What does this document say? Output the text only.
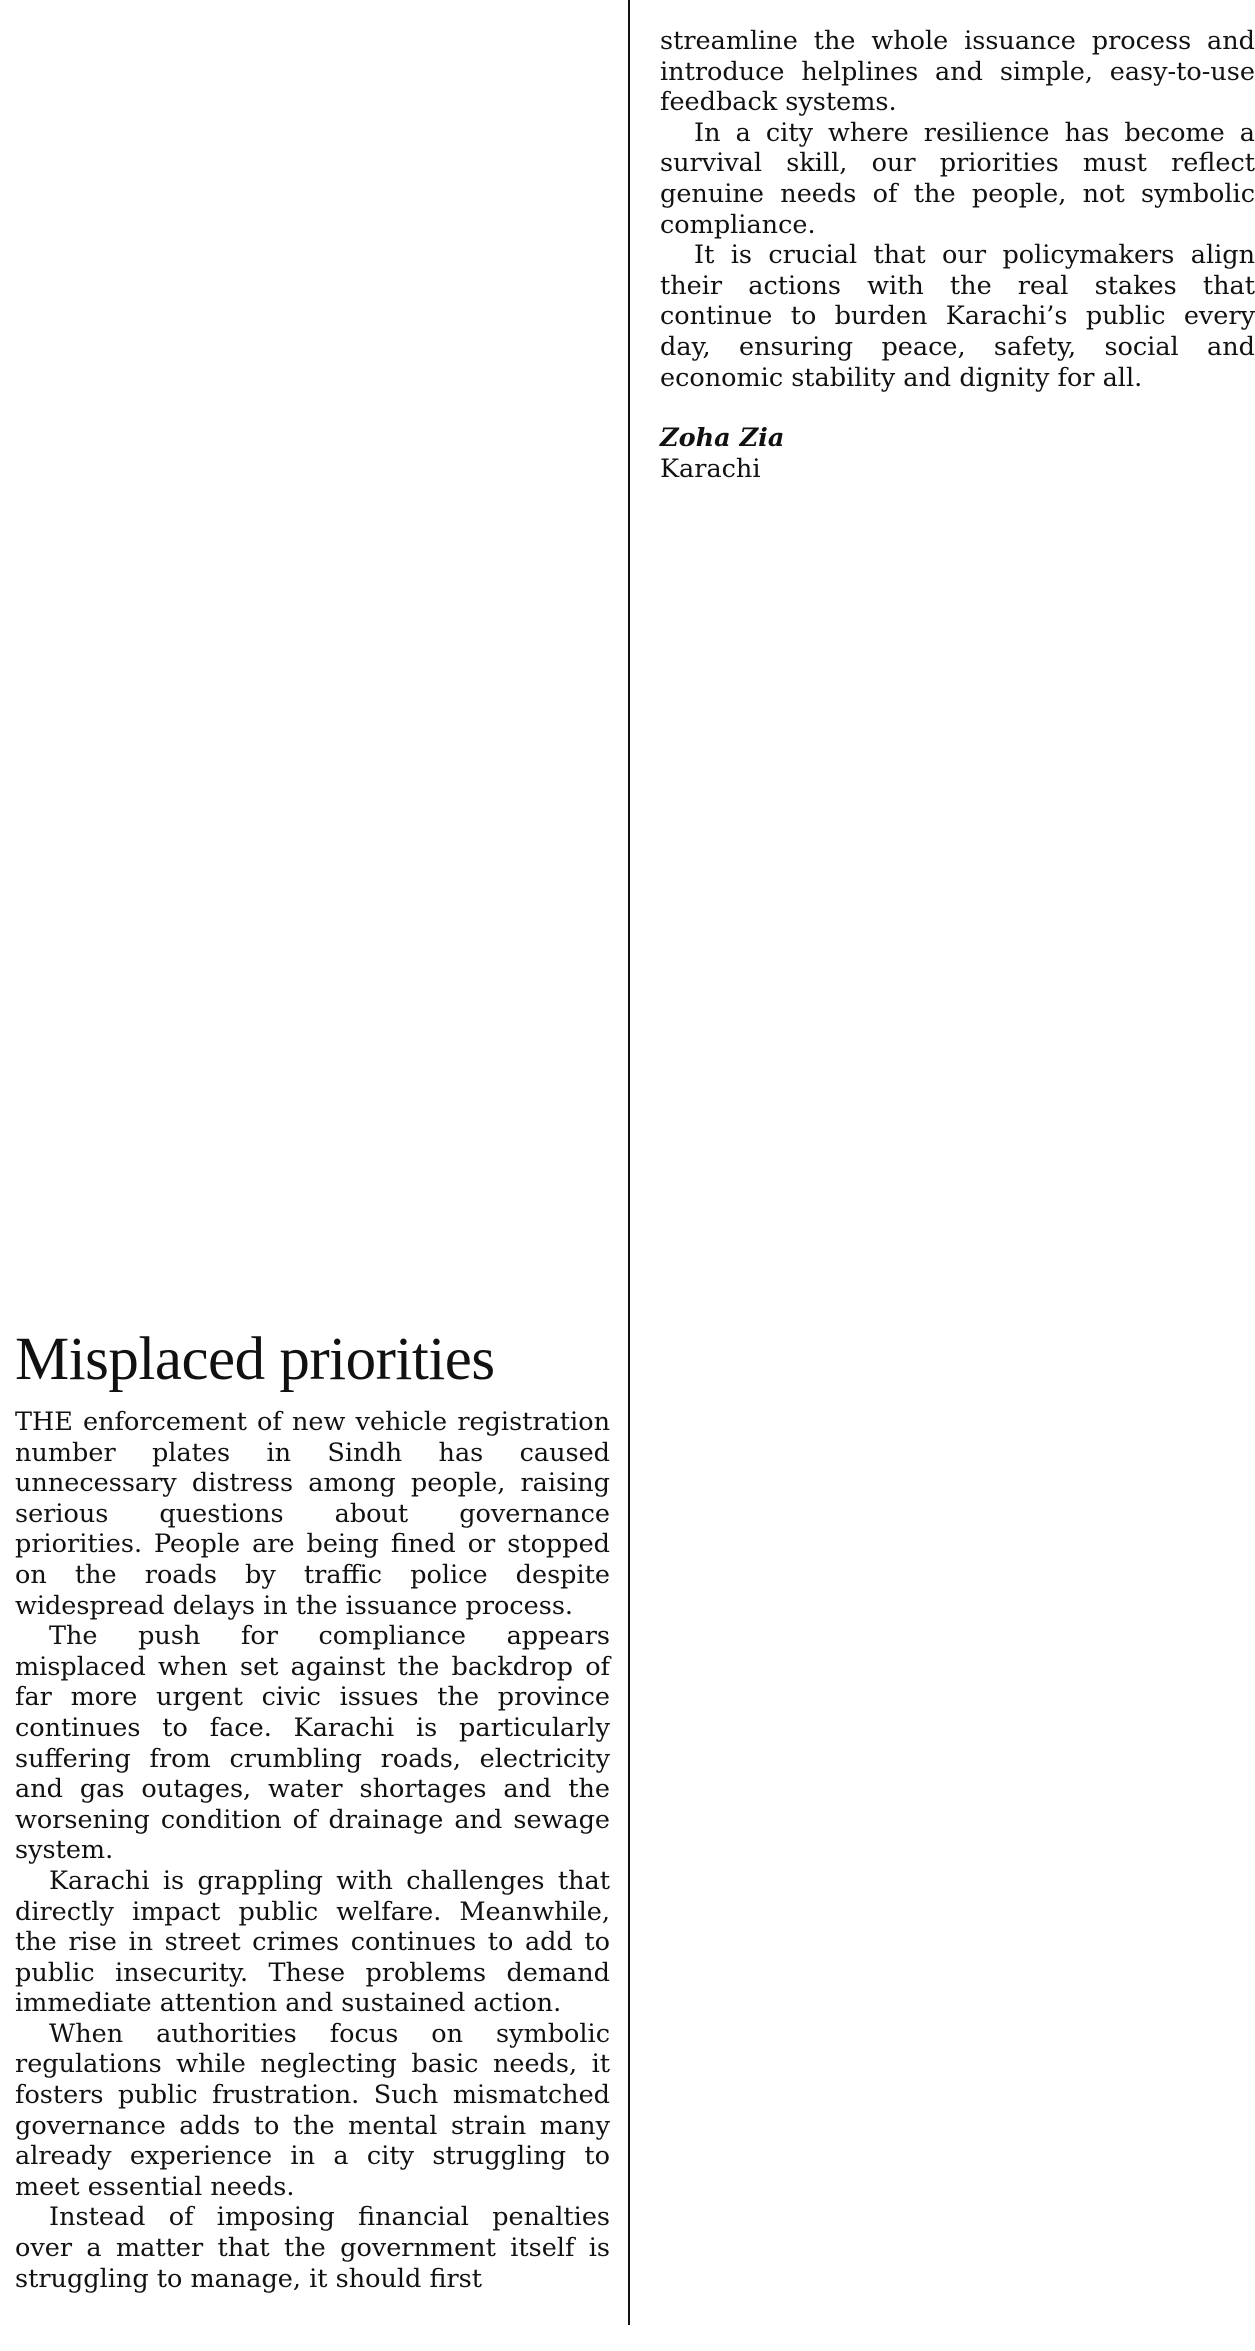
Misplaced priorities

THE enforcement of new vehicle registration number plates in Sindh has caused unnecessary distress among people, raising serious questions about governance priorities. People are being fined or stopped on the roads by traffic police despite widespread delays in the issuance process.

The push for compliance appears misplaced when set against the backdrop of far more urgent civic issues the province continues to face. Karachi is particularly suffering from crumbling roads, electricity and gas outages, water shortages and the worsening condition of drainage and sewage system.

Karachi is grappling with challenges that directly impact public welfare. Meanwhile, the rise in street crimes continues to add to public insecurity. These problems demand immediate attention and sustained action.

When authorities focus on symbolic regulations while neglecting basic needs, it fosters public frustration. Such mismatched governance adds to the mental strain many already experience in a city struggling to meet essential needs.

Instead of imposing financial penalties over a matter that the government itself is struggling to manage, it should first

streamline the whole issuance process and introduce helplines and simple, easy-to-use feedback systems.

In a city where resilience has become a survival skill, our priorities must reflect genuine needs of the people, not symbolic compliance.

It is crucial that our policymakers align their actions with the real stakes that continue to burden Karachi’s public every day, ensuring peace, safety, social and economic stability and dignity for all.

Zoha Zia
Karachi
